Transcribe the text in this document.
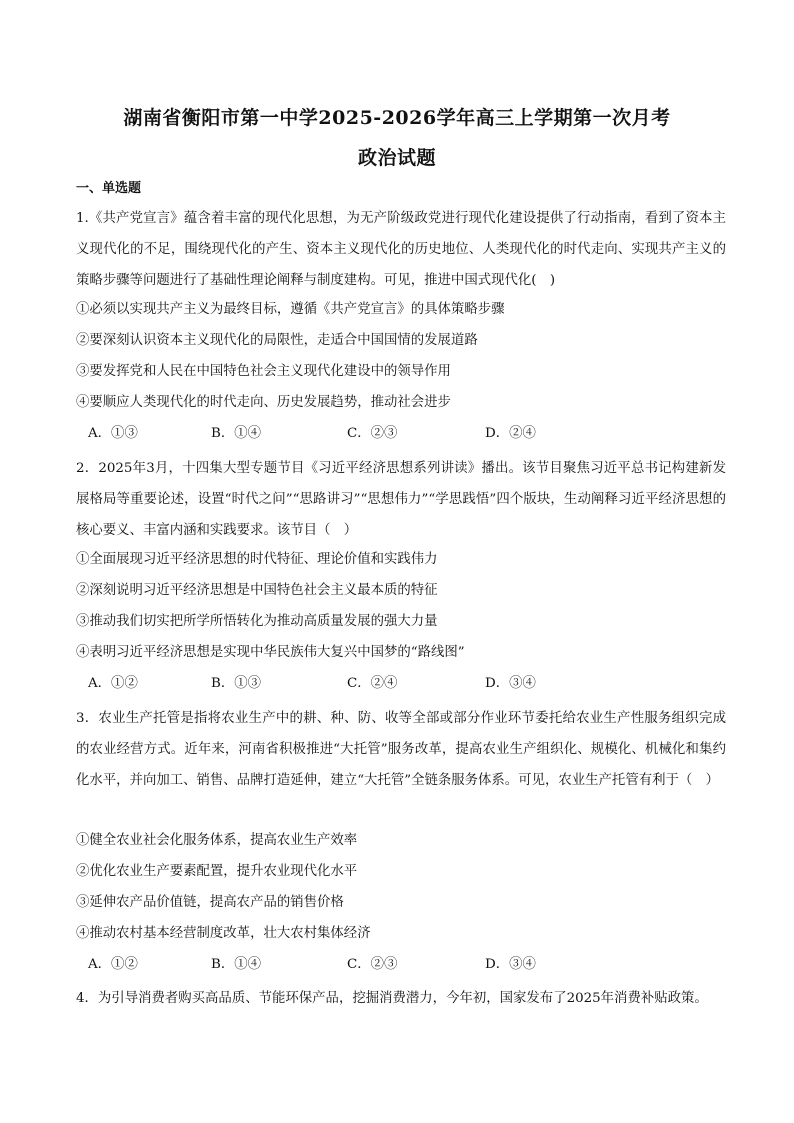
湖南省衡阳市第一中学2025-2026学年高三上学期第一次月考
政治试题
一、单选题
1.《共产党宣言》蕴含着丰富的现代化思想，为无产阶级政党进行现代化建设提供了行动指南，看到了资本主义现代化的不足，围绕现代化的产生、资本主义现代化的历史地位、人类现代化的时代走向、实现共产主义的策略步骤等问题进行了基础性理论阐释与制度建构。可见，推进中国式现代化(　)
①必须以实现共产主义为最终目标，遵循《共产党宣言》的具体策略步骤
②要深刻认识资本主义现代化的局限性，走适合中国国情的发展道路
③要发挥党和人民在中国特色社会主义现代化建设中的领导作用
④要顺应人类现代化的时代走向、历史发展趋势，推动社会进步
A．①③	B．①④	C．②③	D．②④
2．2025年3月，十四集大型专题节目《习近平经济思想系列讲读》播出。该节目聚焦习近平总书记构建新发展格局等重要论述，设置“时代之问”“思路讲习”“思想伟力”“学思践悟”四个版块，生动阐释习近平经济思想的核心要义、丰富内涵和实践要求。该节目（　）
①全面展现习近平经济思想的时代特征、理论价值和实践伟力
②深刻说明习近平经济思想是中国特色社会主义最本质的特征
③推动我们切实把所学所悟转化为推动高质量发展的强大力量
④表明习近平经济思想是实现中华民族伟大复兴中国梦的“路线图”
A．①②	B．①③	C．②④	D．③④
3．农业生产托管是指将农业生产中的耕、种、防、收等全部或部分作业环节委托给农业生产性服务组织完成的农业经营方式。近年来，河南省积极推进“大托管”服务改革，提高农业生产组织化、规模化、机械化和集约化水平，并向加工、销售、品牌打造延伸，建立“大托管”全链条服务体系。可见，农业生产托管有利于（　）
①健全农业社会化服务体系，提高农业生产效率
②优化农业生产要素配置，提升农业现代化水平
③延伸农产品价值链，提高农产品的销售价格
④推动农村基本经营制度改革，壮大农村集体经济
A．①②	B．①④	C．②③	D．③④
4．为引导消费者购买高品质、节能环保产品，挖掘消费潜力，今年初，国家发布了2025年消费补贴政策。
